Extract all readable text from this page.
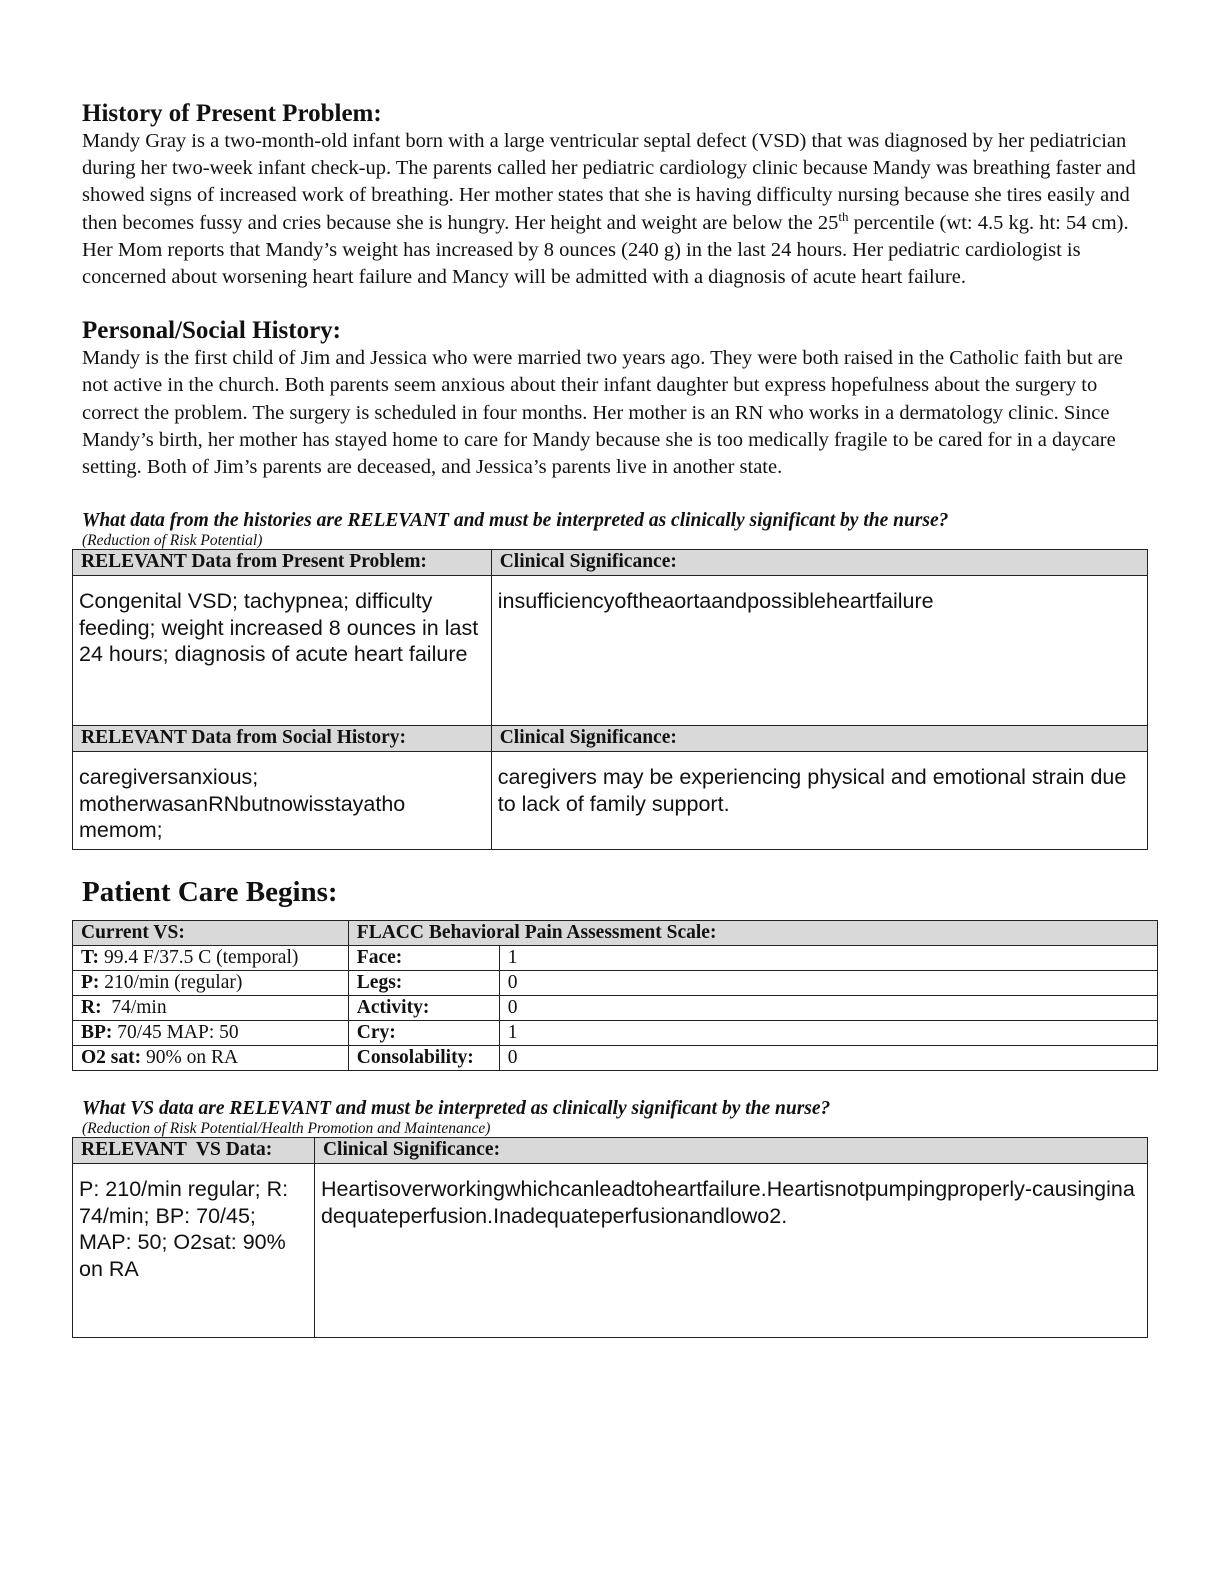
History of Present Problem:

Mandy Gray is a two-month-old infant born with a large ventricular septal defect (VSD) that was diagnosed by her pediatrician during her two-week infant check-up. The parents called her pediatric cardiology clinic because Mandy was breathing faster and showed signs of increased work of breathing. Her mother states that she is having difficulty nursing because she tires easily and then becomes fussy and cries because she is hungry. Her height and weight are below the 25th percentile (wt: 4.5 kg. ht: 54 cm). Her Mom reports that Mandy’s weight has increased by 8 ounces (240 g) in the last 24 hours. Her pediatric cardiologist is concerned about worsening heart failure and Mancy will be admitted with a diagnosis of acute heart failure.

Personal/Social History:

Mandy is the first child of Jim and Jessica who were married two years ago. They were both raised in the Catholic faith but are not active in the church. Both parents seem anxious about their infant daughter but express hopefulness about the surgery to correct the problem. The surgery is scheduled in four months. Her mother is an RN who works in a dermatology clinic. Since Mandy’s birth, her mother has stayed home to care for Mandy because she is too medically fragile to be cared for in a daycare setting. Both of Jim’s parents are deceased, and Jessica’s parents live in another state.

What data from the histories are RELEVANT and must be interpreted as clinically significant by the nurse?

(Reduction of Risk Potential)

RELEVANT Data from Present Problem:	Clinical Significance:
Congenital VSD; tachypnea; difficulty feeding; weight increased 8 ounces in last 24 hours; diagnosis of acute heart failure	insufficiencyoftheaortaandpossibleheartfailure
RELEVANT Data from Social History:	Clinical Significance:
caregiversanxious; motherwasanRNbutnowisstayatho memom;	caregivers may be experiencing physical and emotional strain due to lack of family support.
Patient Care Begins:
Current VS:	FLACC Behavioral Pain Assessment Scale:	
T: 99.4 F/37.5 C (temporal)	Face:	1
P: 210/min (regular)	Legs:	0
R:  74/min	Activity:	0
BP: 70/45 MAP: 50	Cry:	1
O2 sat: 90% on RA	Consolability:	0

What VS data are RELEVANT and must be interpreted as clinically significant by the nurse?

(Reduction of Risk Potential/Health Promotion and Maintenance)

RELEVANT  VS Data:	Clinical Significance:
P: 210/min regular; R: 74/min; BP: 70/45; MAP: 50; O2sat: 90% on RA	Heartisoverworkingwhichcanleadtoheartfailure.Heartisnotpumpingproperly-causinginadequateperfusion.Inadequateperfusionandlowo2.
